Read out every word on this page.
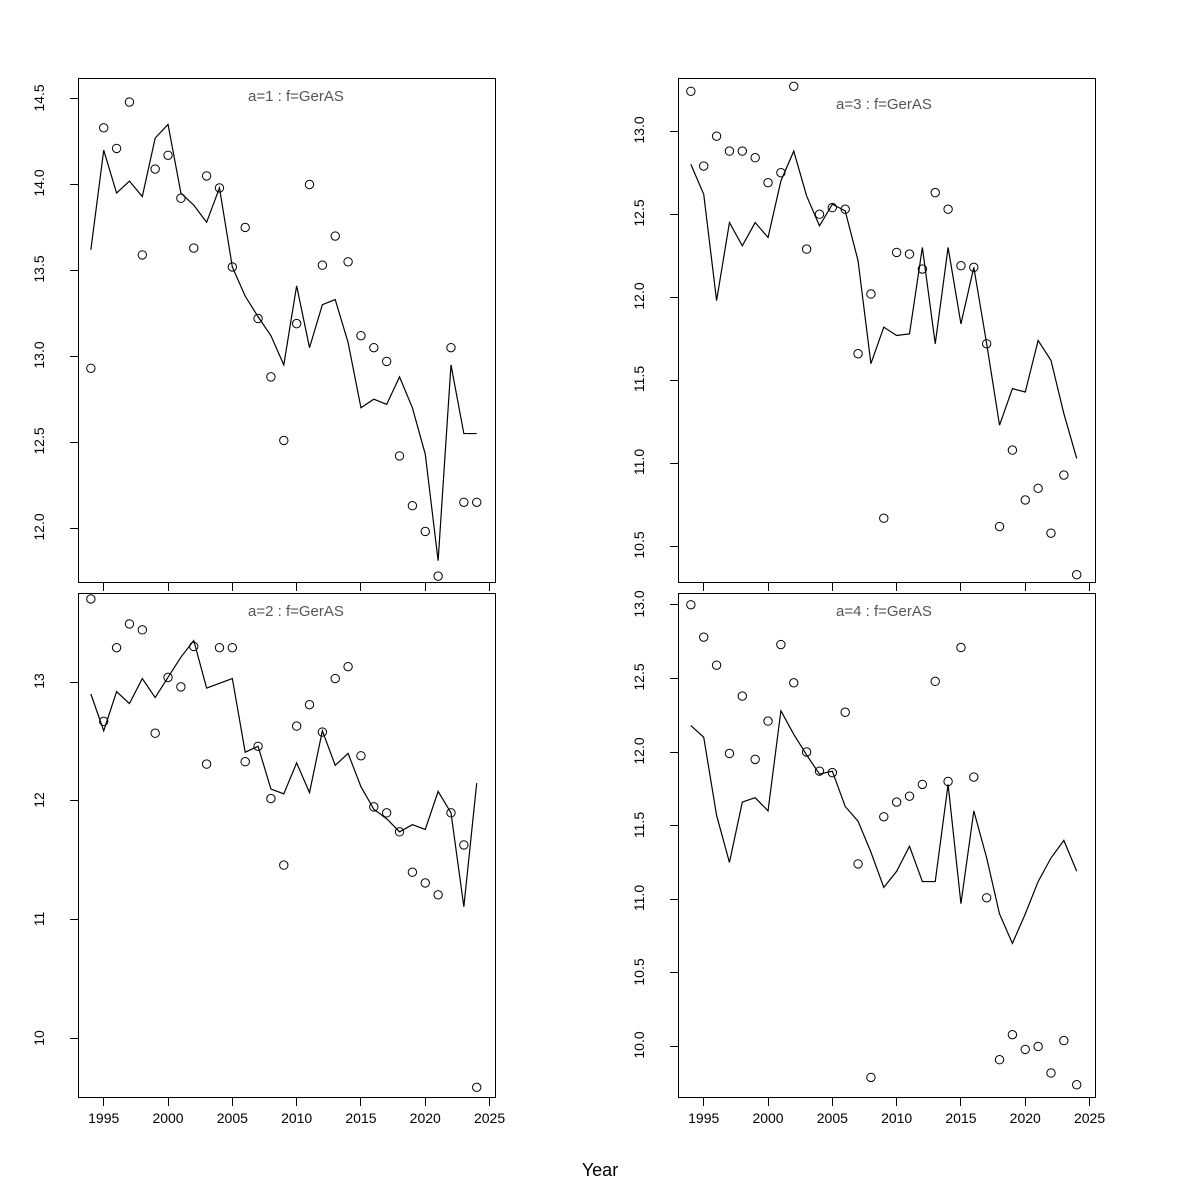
a=1 : f=GerAS	a=3 : f=GerAS
a=2 : f=GerAS	a=4 : f=GerAS
Year
12.0
12.5
13.0
13.5
14.0
14.5
10.5
11.0
11.5
12.0
12.5
13.0
10
11
12
13
1995	2000	2005	2010	2015	2020	2025
10.0
10.5
11.0
11.5
12.0
12.5
13.0
1995	2000	2005	2010	2015	2020	2025
